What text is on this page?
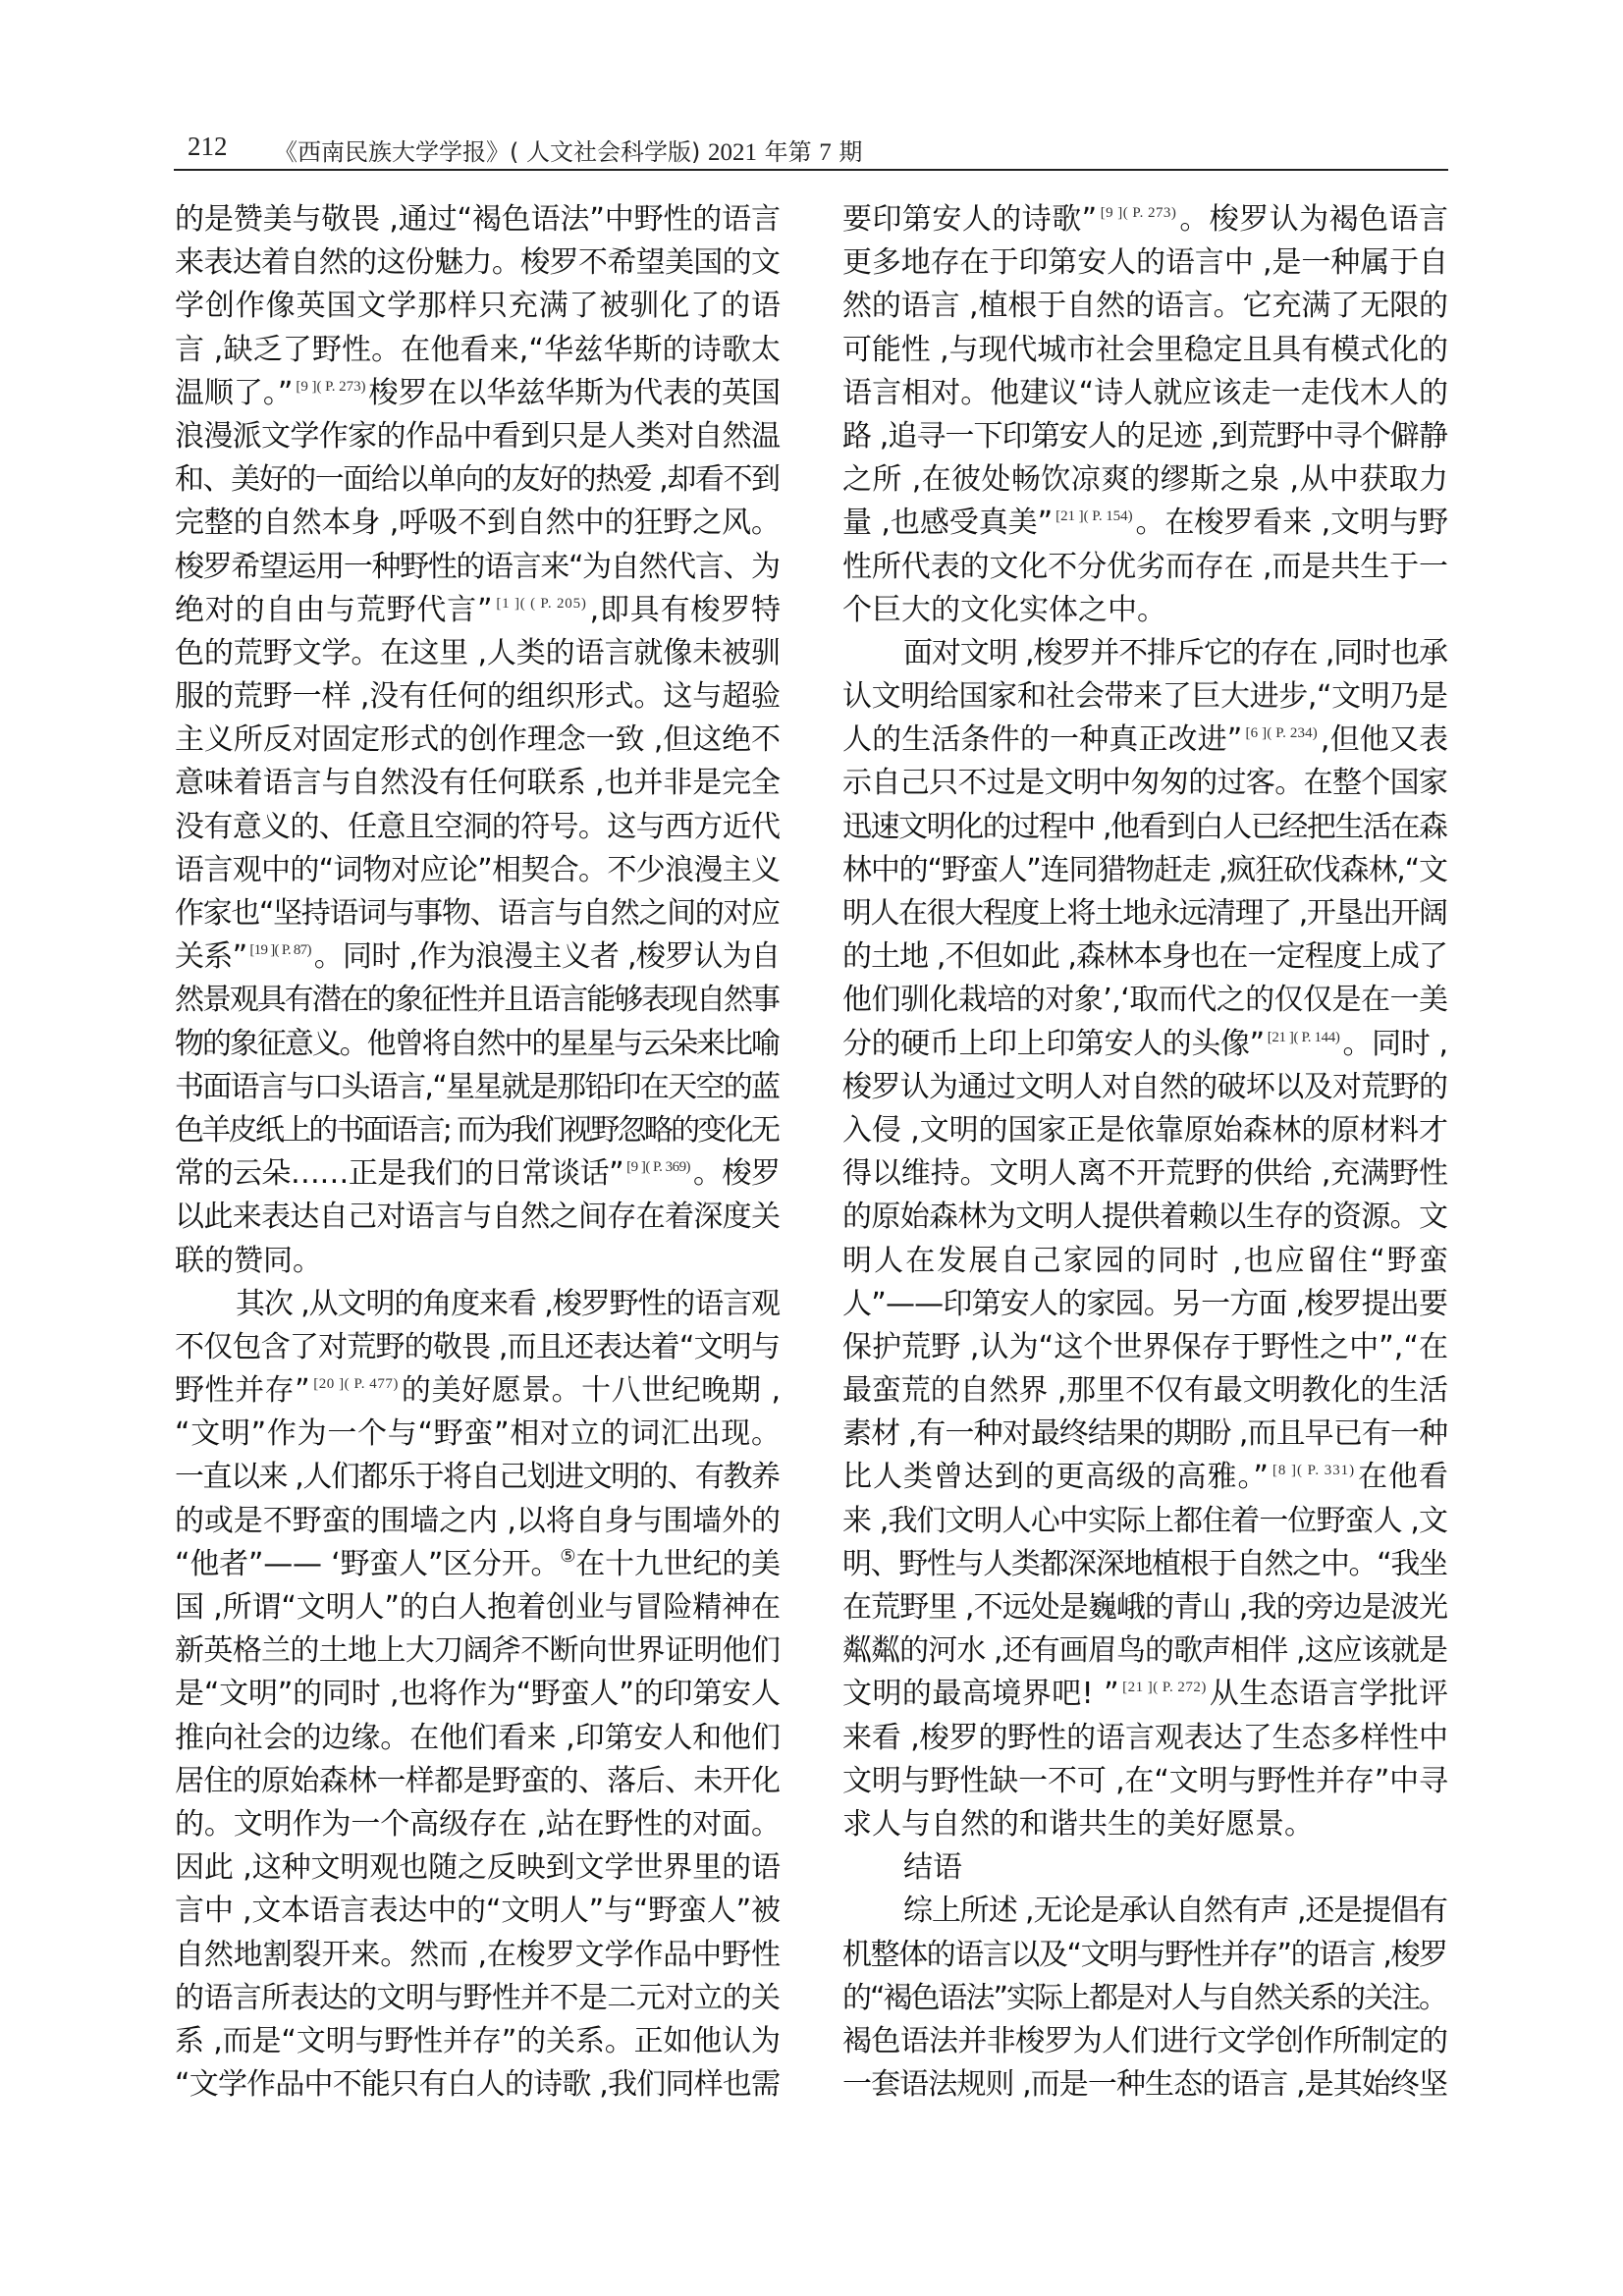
212 《西南民族大学学报》( 人文社会科学版) 2021 年第 7 期
的是赞美与敬畏 ,通过“褐色语法”中野性的语言
来表达着自然的这份魅力。梭罗不希望美国的文
学创作像英国文学那样只充满了被驯化了的语
言 ,缺乏了野性。在他看来,“华兹华斯的诗歌太
温顺了。” $^{[9 ]( P. 273)}$ 梭罗在以华兹华斯为代表的英国
浪漫派文学作家的作品中看到只是人类对自然温
和、美好的一面给以单向的友好的热爱 ,却看不到
完整的自然本身 ,呼吸不到自然中的狂野之风。
梭罗希望运用一种野性的语言来“为自然代言、为
绝对的自由与荒野代言” $^{[1 ]( ( P. 205)}$ ,即具有梭罗特
色的荒野文学。在这里 ,人类的语言就像未被驯
服的荒野一样 ,没有任何的组织形式。这与超验
主义所反对固定形式的创作理念一致 ,但这绝不
意味着语言与自然没有任何联系 ,也并非是完全
没有意义的、任意且空洞的符号。这与西方近代
语言观中的“词物对应论”相契合。不少浪漫主义
作家也“坚持语词与事物、语言与自然之间的对应
关系” $^{[19 ]( P. 87)}$ 。同时 ,作为浪漫主义者 ,梭罗认为自
然景观具有潜在的象征性并且语言能够表现自然事
物的象征意义。他曾将自然中的星星与云朵来比喻
书面语言与口头语言,“星星就是那铅印在天空的蓝
色羊皮纸上的书面语言; 而为我们视野忽略的变化无
常的云朵……正是我们的日常谈话” $^{[9 ]( P. 369)}$ 。梭罗
以此来表达自己对语言与自然之间存在着深度关
联的赞同。
其次 ,从文明的角度来看 ,梭罗野性的语言观
不仅包含了对荒野的敬畏 ,而且还表达着“文明与
野性并存” $^{[20 ]( P. 477)}$ 的美好愿景。十八世纪晚期 ,
“文明”作为一个与“野蛮”相对立的词汇出现。
一直以来 ,人们都乐于将自己划进文明的、有教养
的或是不野蛮的围墙之内 ,以将自身与围墙外的
“他者”—— ‘野蛮人”区分开。⑤在十九世纪的美
国 ,所谓“文明人”的白人抱着创业与冒险精神在
新英格兰的土地上大刀阔斧不断向世界证明他们
是“文明”的同时 ,也将作为“野蛮人”的印第安人
推向社会的边缘。在他们看来 ,印第安人和他们
居住的原始森林一样都是野蛮的、落后、未开化
的。文明作为一个高级存在 ,站在野性的对面。
因此 ,这种文明观也随之反映到文学世界里的语
言中 ,文本语言表达中的“文明人”与“野蛮人”被
自然地割裂开来。然而 ,在梭罗文学作品中野性
的语言所表达的文明与野性并不是二元对立的关
系 ,而是“文明与野性并存”的关系。正如他认为
“文学作品中不能只有白人的诗歌 ,我们同样也需
要印第安人的诗歌” $^{[9 ]( P. 273)}$ 。梭罗认为褐色语言
更多地存在于印第安人的语言中 ,是一种属于自
然的语言 ,植根于自然的语言。它充满了无限的
可能性 ,与现代城市社会里稳定且具有模式化的
语言相对。他建议“诗人就应该走一走伐木人的
路 ,追寻一下印第安人的足迹 ,到荒野中寻个僻静
之所 ,在彼处畅饮凉爽的缪斯之泉 ,从中获取力
量 ,也感受真美” $^{[21 ]( P. 154)}$ 。在梭罗看来 ,文明与野
性所代表的文化不分优劣而存在 ,而是共生于一
个巨大的文化实体之中。
面对文明 ,梭罗并不排斥它的存在 ,同时也承
认文明给国家和社会带来了巨大进步,“文明乃是
人的生活条件的一种真正改进” $^{[6 ]( P. 234)}$ ,但他又表
示自己只不过是文明中匆匆的过客。在整个国家
迅速文明化的过程中 ,他看到白人已经把生活在森
林中的“野蛮人”连同猎物赶走 ,疯狂砍伐森林,“文
明人在很大程度上将土地永远清理了 ,开垦出开阔
的土地 ,不但如此 ,森林本身也在一定程度上成了
他们驯化栽培的对象’,‘取而代之的仅仅是在一美
分的硬币上印上印第安人的头像” $^{[21 ]( P. 144)}$ 。同时 ,
梭罗认为通过文明人对自然的破坏以及对荒野的
入侵 ,文明的国家正是依靠原始森林的原材料才
得以维持。文明人离不开荒野的供给 ,充满野性
的原始森林为文明人提供着赖以生存的资源。文
明人在发展自己家园的同时 ,也应留住“野蛮
人”——印第安人的家园。另一方面 ,梭罗提出要
保护荒野 ,认为“这个世界保存于野性之中”,“在
最蛮荒的自然界 ,那里不仅有最文明教化的生活
素材 ,有一种对最终结果的期盼 ,而且早已有一种
比人类曾达到的更高级的高雅。” $^{[8 ]( P. 331)}$ 在他看
来 ,我们文明人心中实际上都住着一位野蛮人 ,文
明、野性与人类都深深地植根于自然之中。“我坐
在荒野里 ,不远处是巍峨的青山 ,我的旁边是波光
粼粼的河水 ,还有画眉鸟的歌声相伴 ,这应该就是
文明的最高境界吧! ” $^{[21 ]( P. 272)}$ 从生态语言学批评
来看 ,梭罗的野性的语言观表达了生态多样性中
文明与野性缺一不可 ,在“文明与野性并存”中寻
求人与自然的和谐共生的美好愿景。
结语
综上所述 ,无论是承认自然有声 ,还是提倡有
机整体的语言以及“文明与野性并存”的语言 ,梭罗
的“褐色语法”实际上都是对人与自然关系的关注。
褐色语法并非梭罗为人们进行文学创作所制定的
一套语法规则 ,而是一种生态的语言 ,是其始终坚
